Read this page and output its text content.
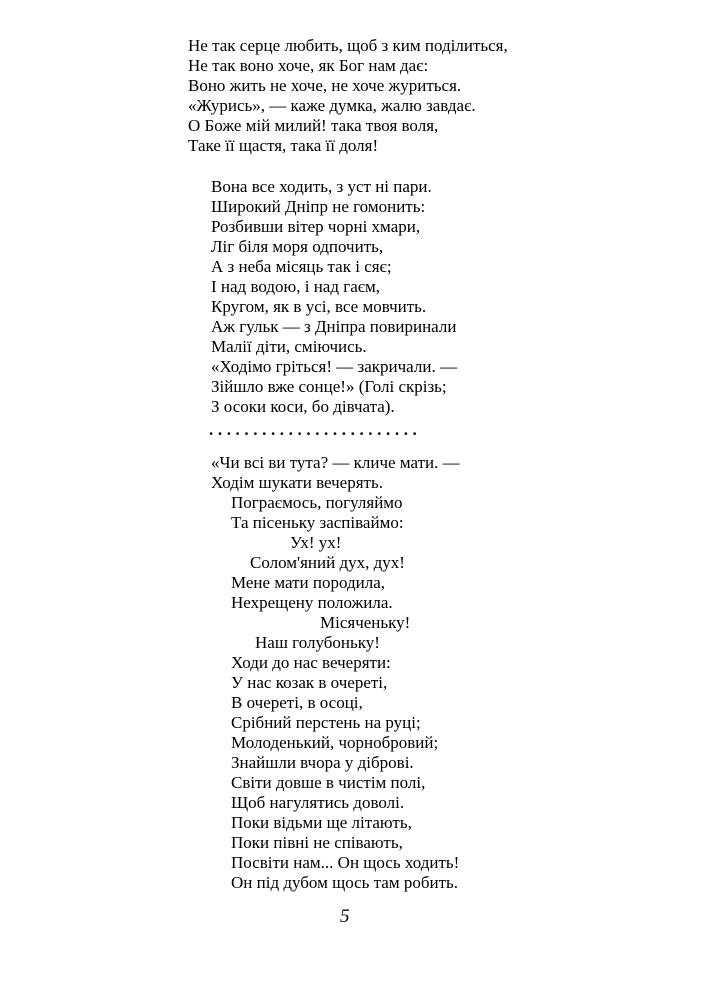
Не так серце любить, щоб з ким поділиться,
Не так воно хоче, як Бог нам дає:
Воно жить не хоче, не хоче журиться.
«Журись», — каже думка, жалю завдає.
О Боже мій милий! така твоя воля,
Таке її щастя, така її доля!
Вона все ходить, з уст ні пари.
Широкий Дніпр не гомонить:
Розбивши вітер чорні хмари,
Ліг біля моря одпочить,
А з неба місяць так і сяє;
І над водою, і над гаєм,
Кругом, як в усі, все мовчить.
Аж гульк — з Дніпра повиринали
Малії діти, сміючись.
«Ходімо гріться! — закричали. —
Зійшло вже сонце!» (Голі скрізь;
З осоки коси, бо дівчата).
........................
«Чи всі ви тута? — кличе мати. —
Ходім шукати вечерять.
Пограємось, погуляймо
Та пісеньку заспіваймо:
Ух! ух!
Солом'яний дух, дух!
Мене мати породила,
Нехрещену положила.
Місяченьку!
Наш голубоньку!
Ходи до нас вечеряти:
У нас козак в очереті,
В очереті, в осоці,
Срібний перстень на руці;
Молоденький, чорнобровий;
Знайшли вчора у діброві.
Світи довше в чистім полі,
Щоб нагулятись доволі.
Поки відьми ще літають,
Поки півні не співають,
Посвіти нам... Он щось ходить!
Он під дубом щось там робить.
5
